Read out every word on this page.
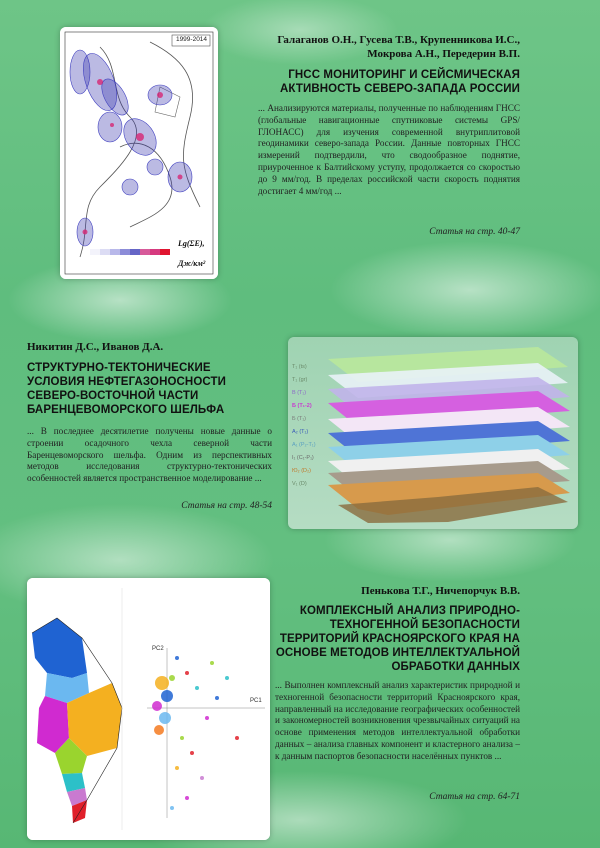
1999-2014
Lg(ΣE),
Дж/км²
Галаганов О.Н., Гусева Т.В., Крупенникова И.С.,
Мокрова А.Н., Передерин В.П.
ГНСС МОНИТОРИНГ И СЕЙСМИЧЕСКАЯ
АКТИВНОСТЬ СЕВЕРО-ЗАПАДА РОССИИ
... Анализируются материалы, полученные по наблюдениям ГНСС (глобальные навигационные спутниковые системы GPS/ГЛОНАСС) для изучения современной внутриплитовой геодинамики северо-запада России. Данные повторных ГНСС измерений подтвердили, что сводообразное поднятие, приуроченное к Балтийскому уступу, продолжается со скоростью до 9 мм/год. В пределах российской части скорость поднятия достигает 4 мм/год ...
Статья на стр. 40-47
Никитин Д.С., Иванов Д.А.
СТРУКТУРНО-ТЕКТОНИЧЕСКИЕ
УСЛОВИЯ НЕФТЕГАЗОНОСНОСТИ
СЕВЕРО-ВОСТОЧНОЙ ЧАСТИ
БАРЕНЦЕВОМОРСКОГО ШЕЛЬФА
... В последнее десятилетие получены новые данные о строении осадочного чехла северной части Баренцевоморского шельфа. Одним из перспективных методов исследования структурно-тектонических особенностей является пространственное моделирование ...
Статья на стр. 48-54
T₁ (ts)
T₁ (gr)
B (T₁)
Б (T₁-2)
Б (T₁)
A₂ (T₁)
A₁ (P₂-T₁)
I₁ (C₁-P₁)
Ю₂ (D₂)
V₁ (D)
PC2
PC1
Пенькова Т.Г., Ничепорчук В.В.
КОМПЛЕКСНЫЙ АНАЛИЗ ПРИРОДНО-
ТЕХНОГЕННОЙ БЕЗОПАСНОСТИ
ТЕРРИТОРИЙ КРАСНОЯРСКОГО КРАЯ НА
ОСНОВЕ МЕТОДОВ ИНТЕЛЛЕКТУАЛЬНОЙ
ОБРАБОТКИ ДАННЫХ
... Выполнен комплексный анализ характеристик природной и техногенной безопасности территорий Красноярского края, направленный на исследование географических особенностей и закономерностей возникновения чрезвычайных ситуаций на основе применения методов интеллектуальной обработки данных – анализа главных компонент и кластерного анализа – к данным паспортов безопасности населённых пунктов ...
Статья на стр. 64-71
